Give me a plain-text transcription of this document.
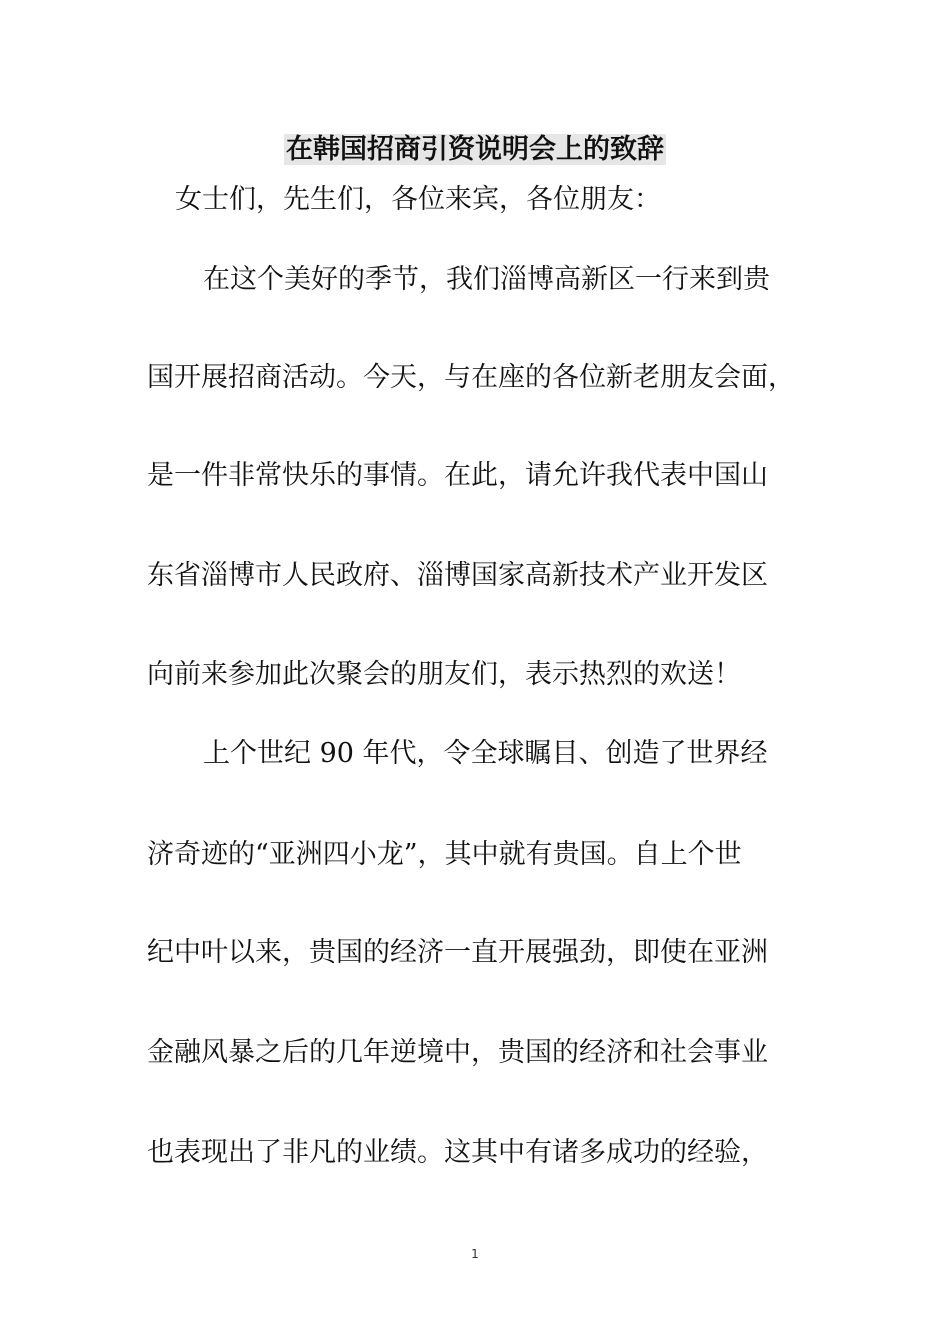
在韩国招商引资说明会上的致辞
女士们，先生们，各位来宾，各位朋友：
在这个美好的季节，我们淄博高新区一行来到贵
国开展招商活动。今天，与在座的各位新老朋友会面，
是一件非常快乐的事情。在此，请允许我代表中国山
东省淄博市人民政府、淄博国家高新技术产业开发区
向前来参加此次聚会的朋友们，表示热烈的欢送！
上个世纪 90 年代，令全球瞩目、创造了世界经
济奇迹的“亚洲四小龙”，其中就有贵国。自上个世
纪中叶以来，贵国的经济一直开展强劲，即使在亚洲
金融风暴之后的几年逆境中，贵国的经济和社会事业
也表现出了非凡的业绩。这其中有诸多成功的经验，
1
